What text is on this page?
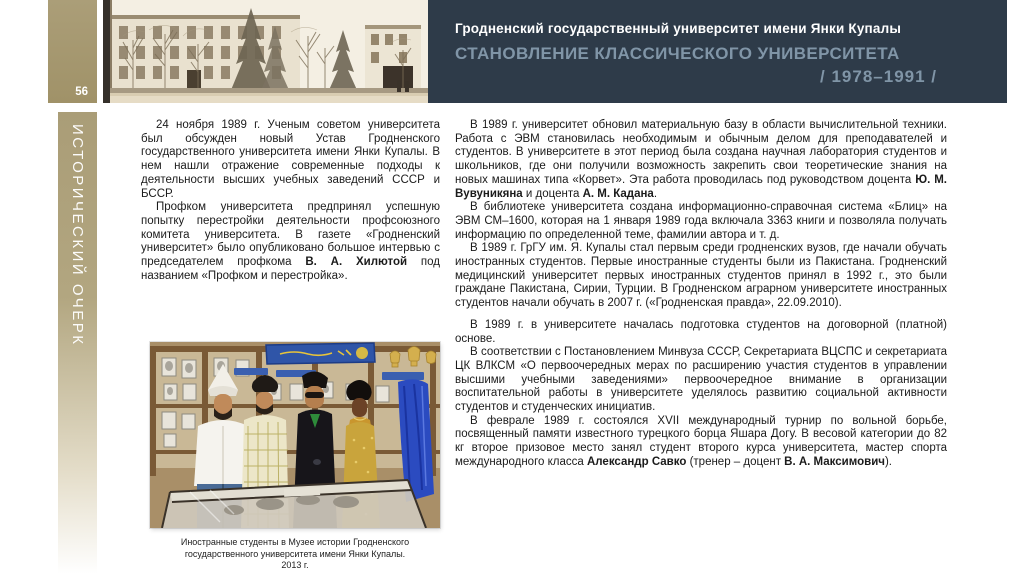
56
ИСТОРИЧЕСКИЙ ОЧЕРК
Гродненский государственный университет имени Янки Купалы
СТАНОВЛЕНИЕ КЛАССИЧЕСКОГО УНИВЕРСИТЕТА
/ 1978–1991 /

24 ноября 1989 г. Ученым советом университета был обсужден новый Устав Гродненского государственного университета имени Янки Купалы. В нем нашли отражение современные подходы к деятельности высших учебных заведений СССР и БССР.

Профком университета предпринял успешную попытку перестройки деятельности профсоюзного комитета университета. В газете «Гродненский университет» было опубликовано большое интервью с председателем профкома В. А. Хилютой под названием «Профком и перестройка».

В 1989 г. университет обновил материальную базу в области вычислительной техники. Работа с ЭВМ становилась необходимым и обычным делом для преподавателей и студентов. В университете в этот период была создана научная лаборатория студентов и школьников, где они получили возможность закрепить свои теоретические знания на новых машинах типа «Корвет». Эта работа проводилась под руководством доцента Ю. М. Вувуникяна и доцента А. М. Кадана.

В библиотеке университета создана информационно-справочная система «Блиц» на ЭВМ СМ–1600, которая на 1 января 1989 года включала 3363 книги и позволяла получать информацию по определенной теме, фамилии автора и т. д.

В 1989 г. ГрГУ им. Я. Купалы стал первым среди гродненских вузов, где начали обучать иностранных студентов. Первые иностранные студенты были из Пакистана. Гродненский медицинский университет первых иностранных студентов принял в 1992 г., это были граждане Пакистана, Сирии, Турции. В Гродненском аграрном университете иностранных студентов начали обучать в 2007 г. («Гродненская правда», 22.09.2010).

В 1989 г. в университете началась подготовка студентов на договорной (платной) основе.

В соответствии с Постановлением Минвуза СССР, Секретариата ВЦСПС и секретариата ЦК ВЛКСМ «О первоочередных мерах по расширению участия студентов в управлении высшими учебными заведениями» первоочередное внимание в организации воспитательной работы в университете уделялось развитию социальной активности студентов и студенческих инициатив.

В феврале 1989 г. состоялся XVII международный турнир по вольной борьбе, посвященный памяти известного турецкого борца Яшара Догу. В весовой категории до 82 кг второе призовое место занял студент второго курса университета, мастер спорта международного класса Александр Савко (тренер – доцент В. А. Максимович).

Иностранные студенты в Музее истории Гродненского
государственного университета имени Янки Купалы.
2013 г.
